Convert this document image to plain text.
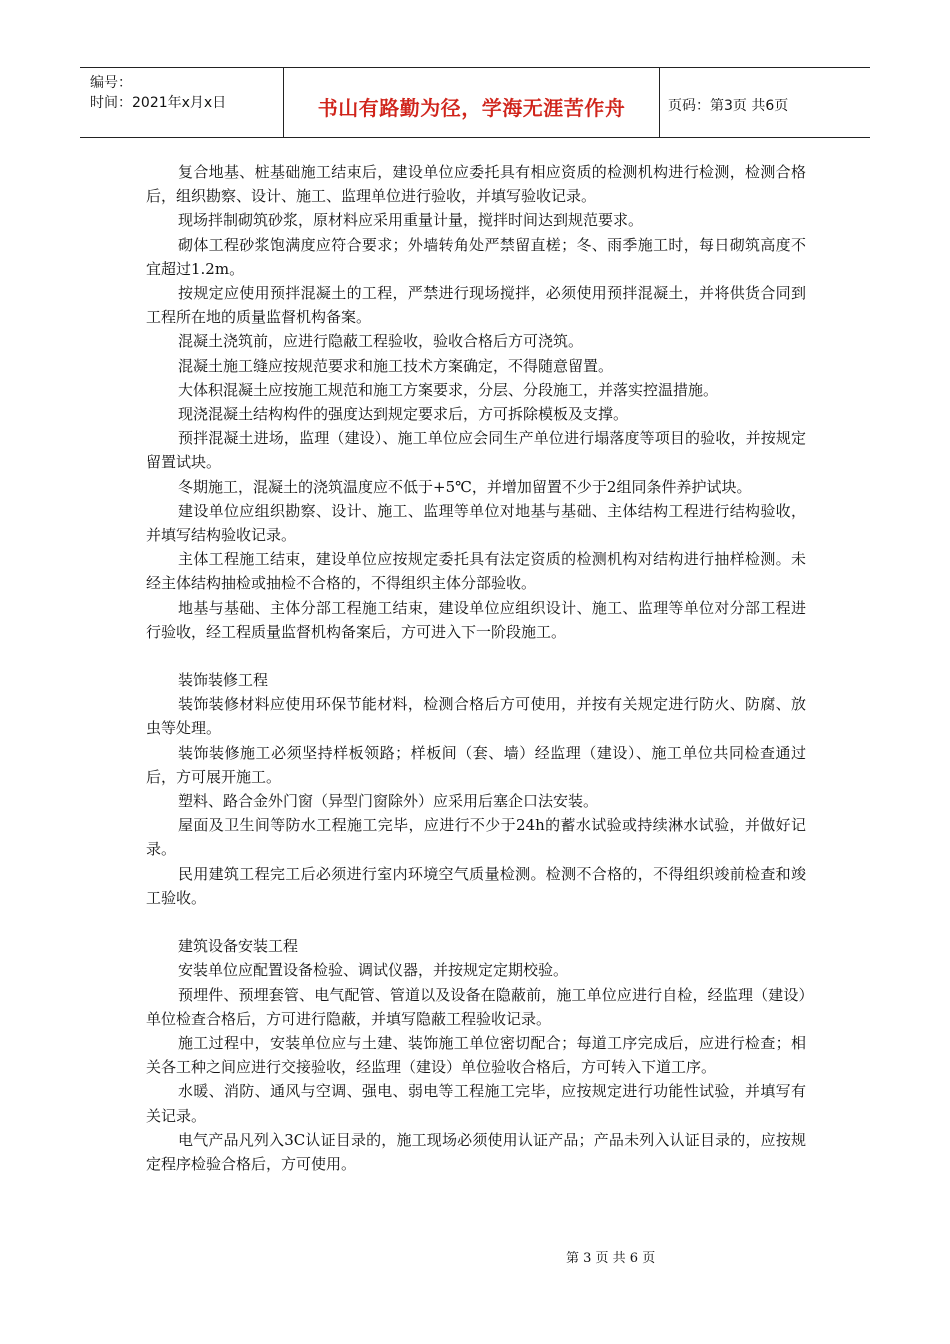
编号：
时间：2021年x月x日	书山有路勤为径，学海无涯苦作舟	页码：第3页 共6页

复合地基、桩基础施工结束后，建设单位应委托具有相应资质的检测机构进行检测，检测合格后，组织勘察、设计、施工、监理单位进行验收，并填写验收记录。

现场拌制砌筑砂浆，原材料应采用重量计量，搅拌时间达到规范要求。

砌体工程砂浆饱满度应符合要求；外墙转角处严禁留直槎；冬、雨季施工时，每日砌筑高度不宜超过1.2m。

按规定应使用预拌混凝土的工程，严禁进行现场搅拌，必须使用预拌混凝土，并将供货合同到工程所在地的质量监督机构备案。

混凝土浇筑前，应进行隐蔽工程验收，验收合格后方可浇筑。

混凝土施工缝应按规范要求和施工技术方案确定，不得随意留置。

大体积混凝土应按施工规范和施工方案要求，分层、分段施工，并落实控温措施。

现浇混凝土结构构件的强度达到规定要求后，方可拆除模板及支撑。

预拌混凝土进场，监理（建设）、施工单位应会同生产单位进行塌落度等项目的验收，并按规定留置试块。

冬期施工，混凝土的浇筑温度应不低于+5℃，并增加留置不少于2组同条件养护试块。

建设单位应组织勘察、设计、施工、监理等单位对地基与基础、主体结构工程进行结构验收，并填写结构验收记录。

主体工程施工结束，建设单位应按规定委托具有法定资质的检测机构对结构进行抽样检测。未经主体结构抽检或抽检不合格的，不得组织主体分部验收。

地基与基础、主体分部工程施工结束，建设单位应组织设计、施工、监理等单位对分部工程进行验收，经工程质量监督机构备案后，方可进入下一阶段施工。

装饰装修工程

装饰装修材料应使用环保节能材料，检测合格后方可使用，并按有关规定进行防火、防腐、放虫等处理。

装饰装修施工必须坚持样板领路；样板间（套、墙）经监理（建设）、施工单位共同检查通过后，方可展开施工。

塑料、路合金外门窗（异型门窗除外）应采用后塞企口法安装。

屋面及卫生间等防水工程施工完毕，应进行不少于24h的蓄水试验或持续淋水试验，并做好记录。

民用建筑工程完工后必须进行室内环境空气质量检测。检测不合格的，不得组织竣前检查和竣工验收。

建筑设备安装工程

安装单位应配置设备检验、调试仪器，并按规定定期校验。

预埋件、预埋套管、电气配管、管道以及设备在隐蔽前，施工单位应进行自检，经监理（建设）单位检查合格后，方可进行隐蔽，并填写隐蔽工程验收记录。

施工过程中，安装单位应与土建、装饰施工单位密切配合；每道工序完成后，应进行检查；相关各工种之间应进行交接验收，经监理（建设）单位验收合格后，方可转入下道工序。

水暖、消防、通风与空调、强电、弱电等工程施工完毕，应按规定进行功能性试验，并填写有关记录。

电气产品凡列入3C认证目录的，施工现场必须使用认证产品；产品未列入认证目录的，应按规定程序检验合格后，方可使用。

第 3 页 共 6 页
